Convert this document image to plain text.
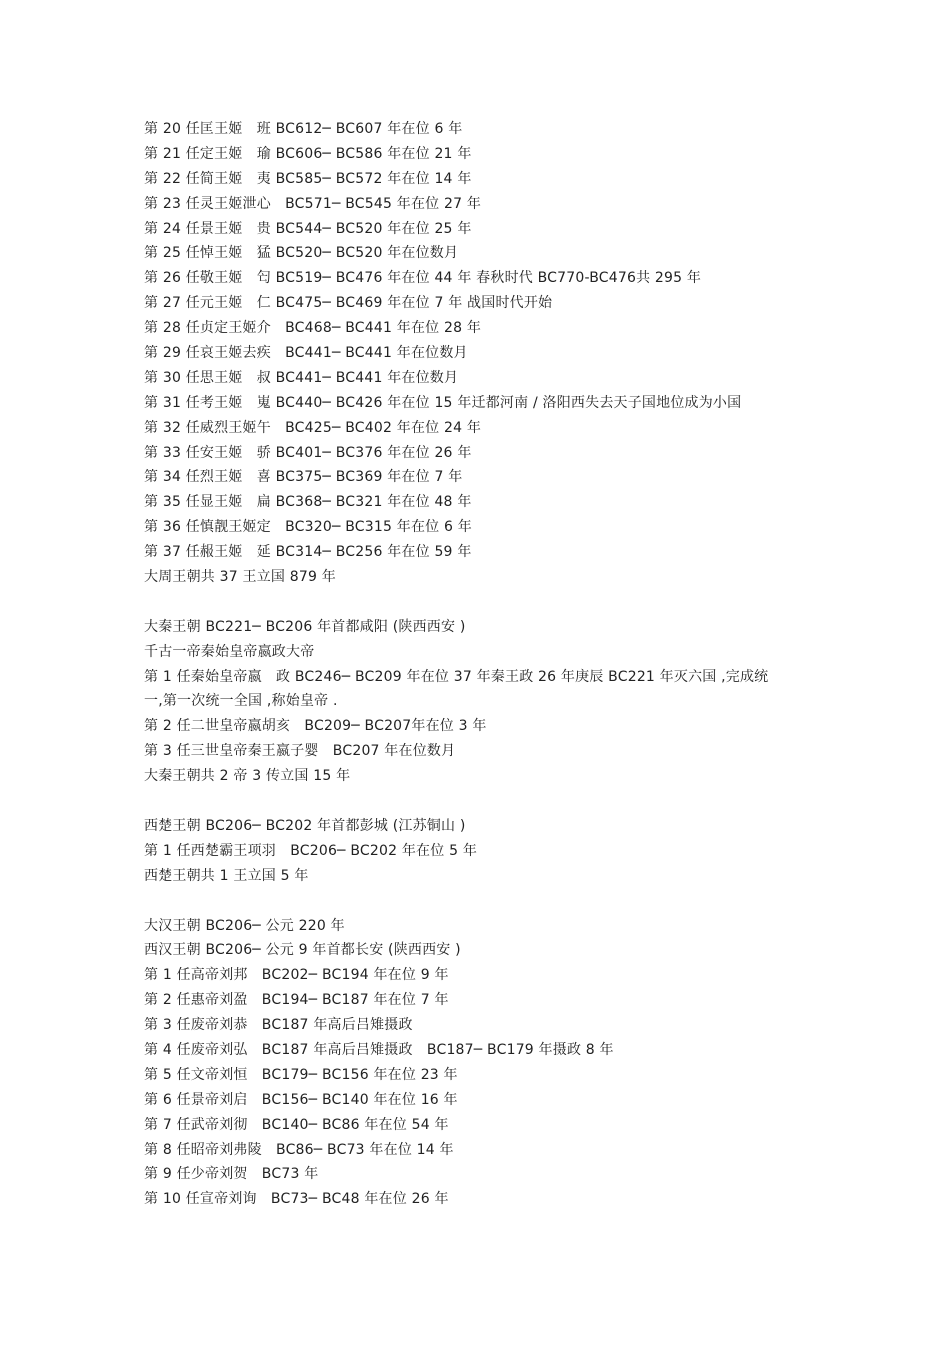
第 20 任匡王姬　班 BC612─ BC607 年在位 6 年
第 21 任定王姬　瑜 BC606─ BC586 年在位 21 年
第 22 任简王姬　夷 BC585─ BC572 年在位 14 年
第 23 任灵王姬泄心　BC571─ BC545 年在位 27 年
第 24 任景王姬　贵 BC544─ BC520 年在位 25 年
第 25 任悼王姬　猛 BC520─ BC520 年在位数月
第 26 任敬王姬　匄 BC519─ BC476 年在位 44 年 春秋时代 BC770-BC476共 295 年
第 27 任元王姬　仁 BC475─ BC469 年在位 7 年 战国时代开始
第 28 任贞定王姬介　BC468─ BC441 年在位 28 年
第 29 任哀王姬去疾　BC441─ BC441 年在位数月
第 30 任思王姬　叔 BC441─ BC441 年在位数月
第 31 任考王姬　嵬 BC440─ BC426 年在位 15 年迁都河南 / 洛阳西失去天子国地位成为小国
第 32 任威烈王姬午　BC425─ BC402 年在位 24 年
第 33 任安王姬　骄 BC401─ BC376 年在位 26 年
第 34 任烈王姬　喜 BC375─ BC369 年在位 7 年
第 35 任显王姬　扁 BC368─ BC321 年在位 48 年
第 36 任慎靓王姬定　BC320─ BC315 年在位 6 年
第 37 任赧王姬　延 BC314─ BC256 年在位 59 年
大周王朝共 37 王立国 879 年
大秦王朝 BC221─ BC206 年首都咸阳 (陕西西安 )
千古一帝秦始皇帝嬴政大帝
第 1 任秦始皇帝嬴　政 BC246─ BC209 年在位 37 年秦王政 26 年庚辰 BC221 年灭六国 ,完成统
一,第一次统一全国 ,称始皇帝 .
第 2 任二世皇帝嬴胡亥　BC209─ BC207年在位 3 年
第 3 任三世皇帝秦王嬴子婴　BC207 年在位数月
大秦王朝共 2 帝 3 传立国 15 年
西楚王朝 BC206─ BC202 年首都彭城 (江苏铜山 )
第 1 任西楚霸王项羽　BC206─ BC202 年在位 5 年
西楚王朝共 1 王立国 5 年
大汉王朝 BC206─ 公元 220 年
西汉王朝 BC206─ 公元 9 年首都长安 (陕西西安 )
第 1 任高帝刘邦　BC202─ BC194 年在位 9 年
第 2 任惠帝刘盈　BC194─ BC187 年在位 7 年
第 3 任废帝刘恭　BC187 年高后吕雉摄政
第 4 任废帝刘弘　BC187 年高后吕雉摄政　BC187─ BC179 年摄政 8 年
第 5 任文帝刘恒　BC179─ BC156 年在位 23 年
第 6 任景帝刘启　BC156─ BC140 年在位 16 年
第 7 任武帝刘彻　BC140─ BC86 年在位 54 年
第 8 任昭帝刘弗陵　BC86─ BC73 年在位 14 年
第 9 任少帝刘贺　BC73 年
第 10 任宣帝刘询　BC73─ BC48 年在位 26 年
